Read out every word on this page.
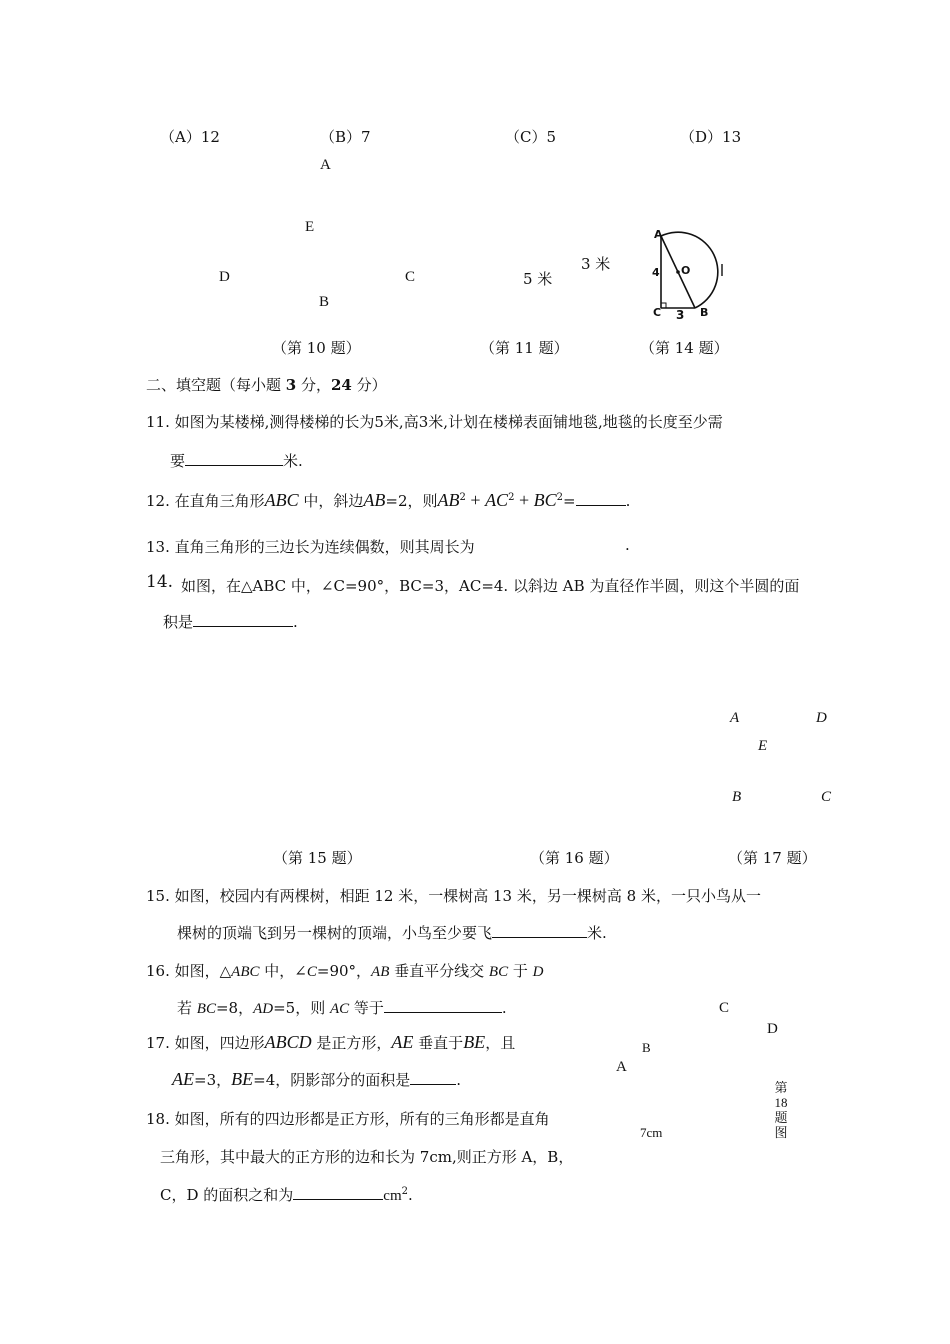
（A）12	（B）7	（C）5	（D）13
A
E
D	C
B
5 米
3 米
A
O
4
C 3 B
（第 10 题）	（第 11 题）	（第 14 题）
二、填空题（每小题 3 分，24 分）
11. 如图为某楼梯,测得楼梯的长为5米,高3米,计划在楼梯表面铺地毯,地毯的长度至少需
要	米.
12. 在直角三角形ABC 中，斜边AB=2，则$AB^2 + AC^2 + BC^2=$	.
13. 直角三角形的三边长为连续偶数，则其周长为	.
14. 如图，在△ABC 中，∠C=90°，BC=3，AC=4. 以斜边 AB 为直径作半圆，则这个半圆的面
积是	.
A	D
E
B	C
（第 15 题）	（第 16 题）	（第 17 题）
15. 如图，校园内有两棵树，相距 12 米，一棵树高 13 米，另一棵树高 8 米，一只小鸟从一
棵树的顶端飞到另一棵树的顶端，小鸟至少要飞	米.
16. 如图，△ABC 中，∠C=90°，AB 垂直平分线交 BC 于 D
若 BC=8，AD=5，则 AC 等于	.	C
D
B
A
7cm
第
18
题
图
17. 如图，四边形ABCD 是正方形，AE 垂直于BE，且
AE=3，BE=4，阴影部分的面积是	.
18. 如图，所有的四边形都是正方形，所有的三角形都是直角
三角形，其中最大的正方形的边和长为 7cm,则正方形 A，B，
C，D 的面积之和为	$cm^2$.
